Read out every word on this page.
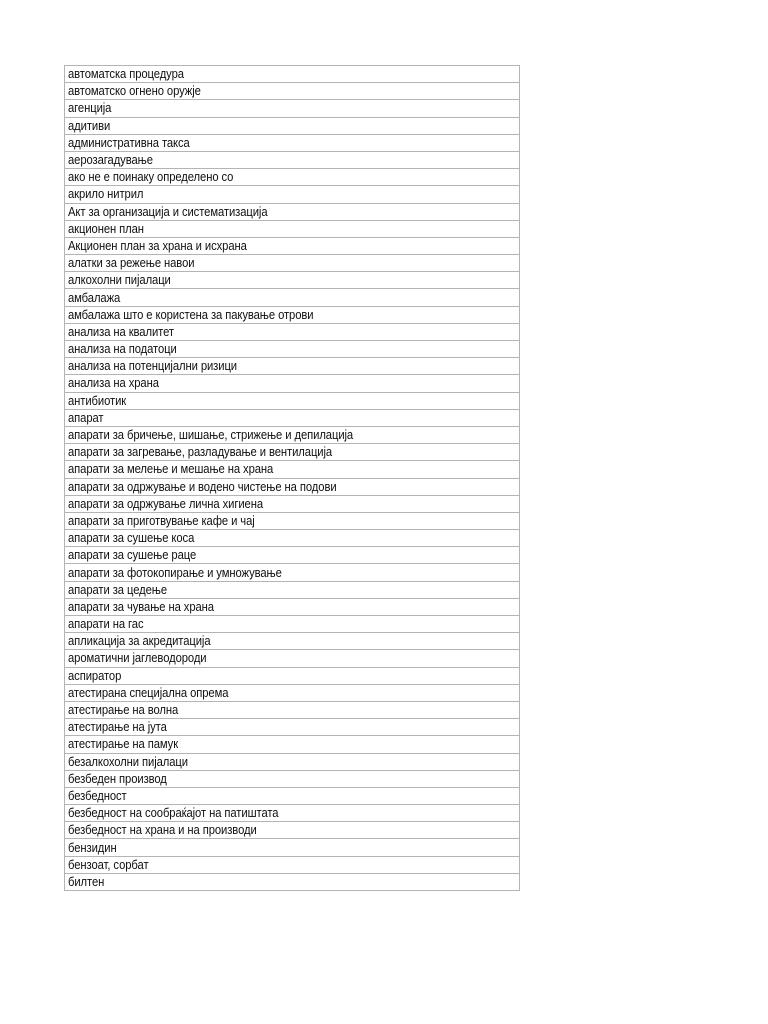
автоматска процедура
автоматско огнено оружје
агенција
адитиви
административна такса
аерозагадување
ако не е поинаку определено со
акрило нитрил
Акт за организација и систематизација
акционен план
Акционен план за храна и исхрана
алатки за режење навои
алкохолни пијалаци
амбалажа
амбалажа што е користена за пакување отрови
анализа на квалитет
анализа на податоци
анализа на потенцијални ризици
анализа на храна
антибиотик
апарат
апарати за бричење, шишање, стрижење и депилација
апарати за загревање, разладување и вентилација
апарати за мелење и мешање на храна
апарати за одржување и водено чистење на подови
апарати за одржување лична хигиена
апарати за приготвување кафе и чај
апарати за сушење коса
апарати за сушење раце
апарати за фотокопирање и умножување
апарати за цедење
апарати за чување на храна
апарати на гас
апликација за акредитација
ароматични јаглеводороди
аспиратор
атестирана специјална опрема
атестирање на волна
атестирање на јута
атестирање на памук
безалкохолни пијалаци
безбеден производ
безбедност
безбедност на сообраќајот на патиштата
безбедност на храна и на производи
бензидин
бензоат, сорбат
билтен
